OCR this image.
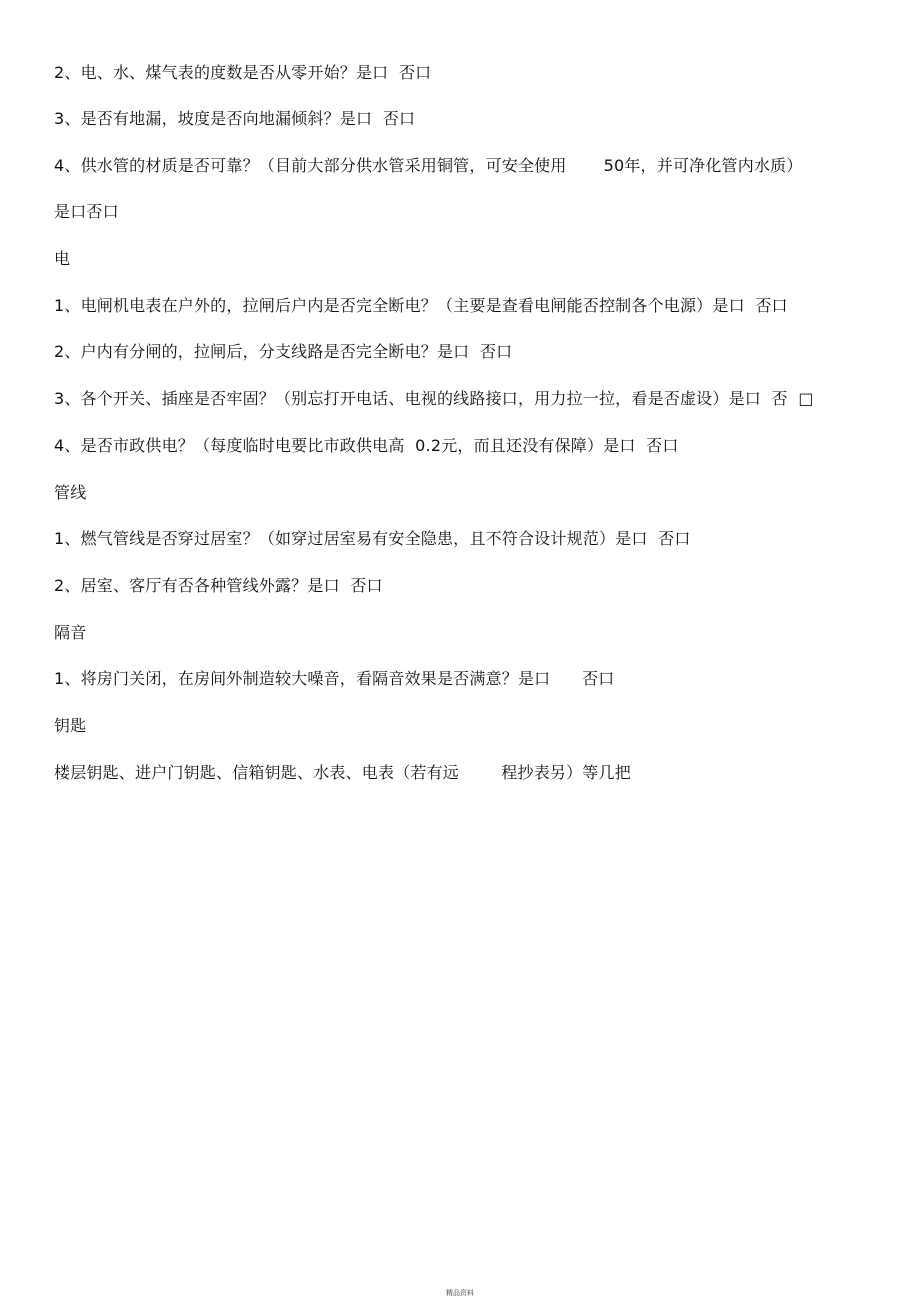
2、电、水、煤气表的度数是否从零开始？是口  否口
3、是否有地漏，坡度是否向地漏倾斜？是口  否口
4、供水管的材质是否可靠？（目前大部分供水管采用铜管，可安全使用       50年，并可净化管内水质）
是口否口
电
1、电闸机电表在户外的，拉闸后户内是否完全断电？（主要是查看电闸能否控制各个电源）是口  否口
2、户内有分闸的，拉闸后，分支线路是否完全断电？是口  否口
3、各个开关、插座是否牢固？（别忘打开电话、电视的线路接口，用力拉一拉，看是否虚设）是口  否  □
4、是否市政供电？（每度临时电要比市政供电高  0.2元，而且还没有保障）是口  否口
管线
1、燃气管线是否穿过居室？（如穿过居室易有安全隐患，且不符合设计规范）是口  否口
2、居室、客厅有否各种管线外露？是口  否口
隔音
1、将房门关闭，在房间外制造较大噪音，看隔音效果是否满意？是口      否口
钥匙
楼层钥匙、进户门钥匙、信箱钥匙、水表、电表（若有远        程抄表另）等几把
精品资料
